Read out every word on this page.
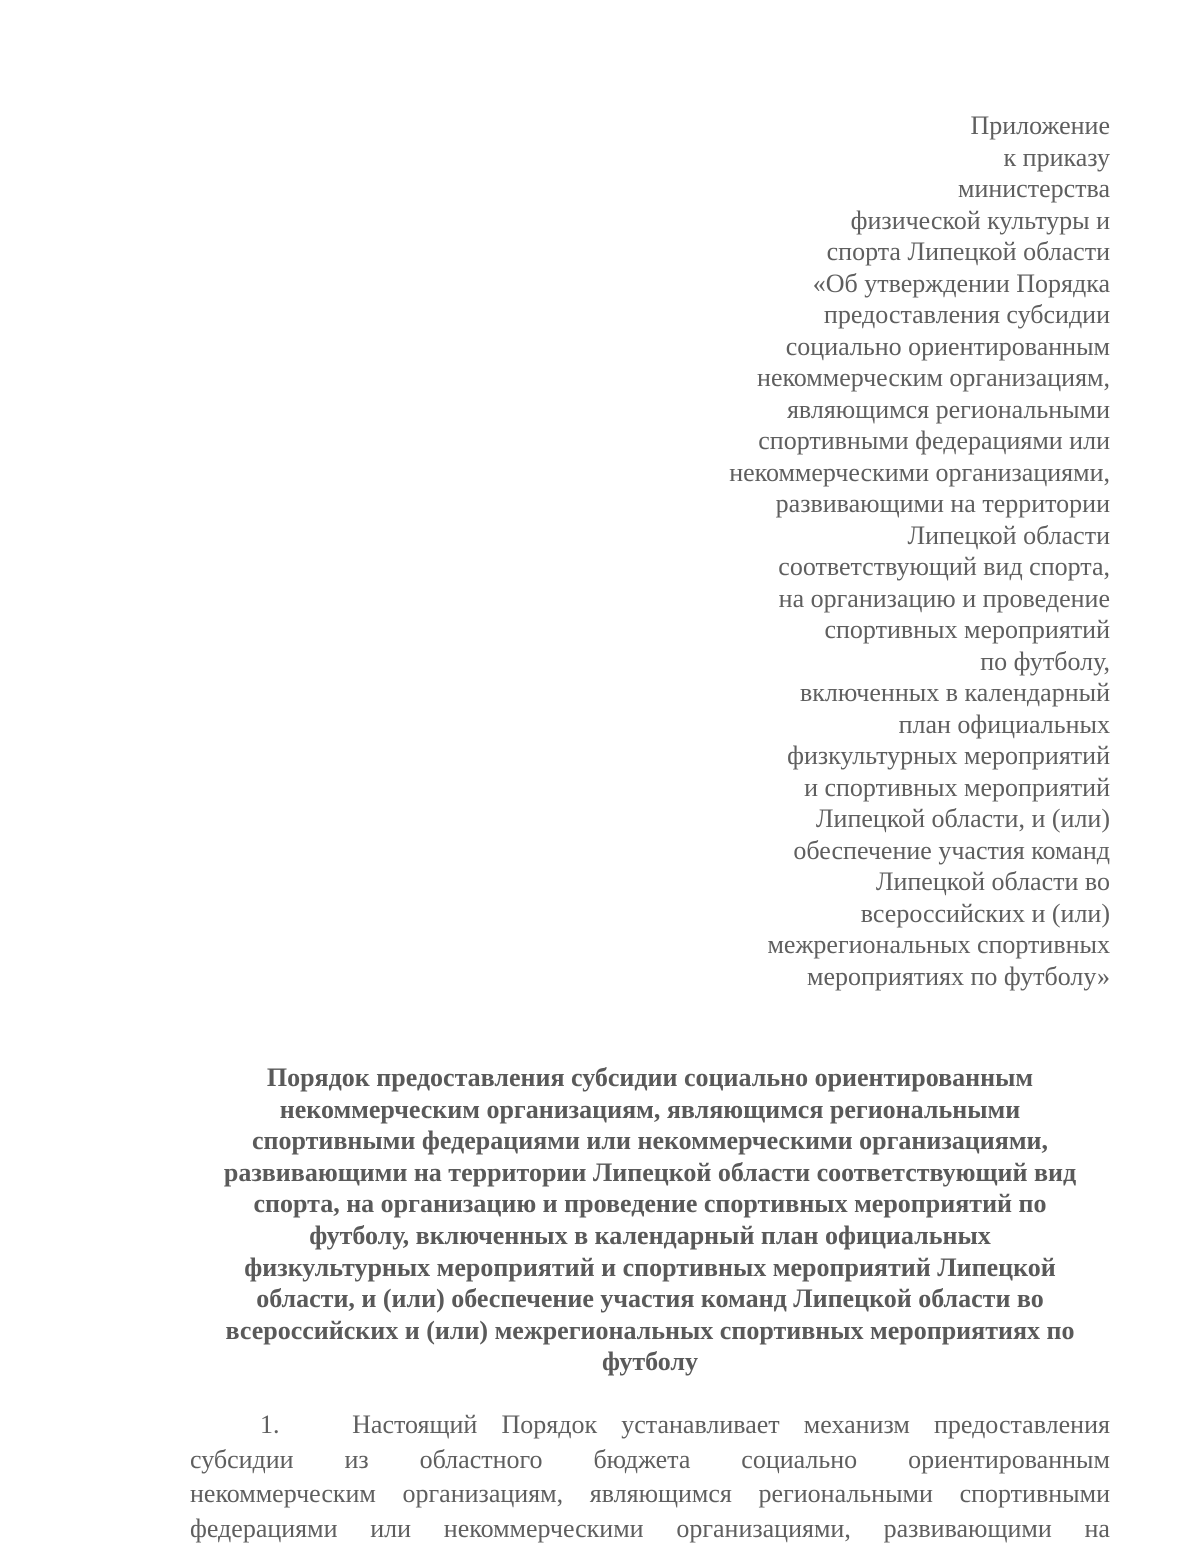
Приложение
к приказу
министерства
физической культуры и
спорта Липецкой области
«Об утверждении Порядка
предоставления субсидии
социально ориентированным
некоммерческим организациям,
являющимся региональными
спортивными федерациями или
некоммерческими организациями,
развивающими на территории
Липецкой области
соответствующий вид спорта,
на организацию и проведение
спортивных мероприятий
по футболу,
включенных в календарный
план официальных
физкультурных мероприятий
и спортивных мероприятий
Липецкой области, и (или)
обеспечение участия команд
Липецкой области во
всероссийских и (или)
межрегиональных спортивных
мероприятиях по футболу»
Порядок предоставления субсидии социально ориентированным
некоммерческим организациям, являющимся региональными
спортивными федерациями или некоммерческими организациями,
развивающими на территории Липецкой области соответствующий вид
спорта, на организацию и проведение спортивных мероприятий по
футболу, включенных в календарный план официальных
физкультурных мероприятий и спортивных мероприятий Липецкой
области, и (или) обеспечение участия команд Липецкой области во
всероссийских и (или) межрегиональных спортивных мероприятиях по
футболу
1.	Настоящий Порядок устанавливает механизм предоставления
субсидии из областного бюджета социально ориентированным
некоммерческим организациям, являющимся региональными спортивными
федерациями или некоммерческими организациями, развивающими на
